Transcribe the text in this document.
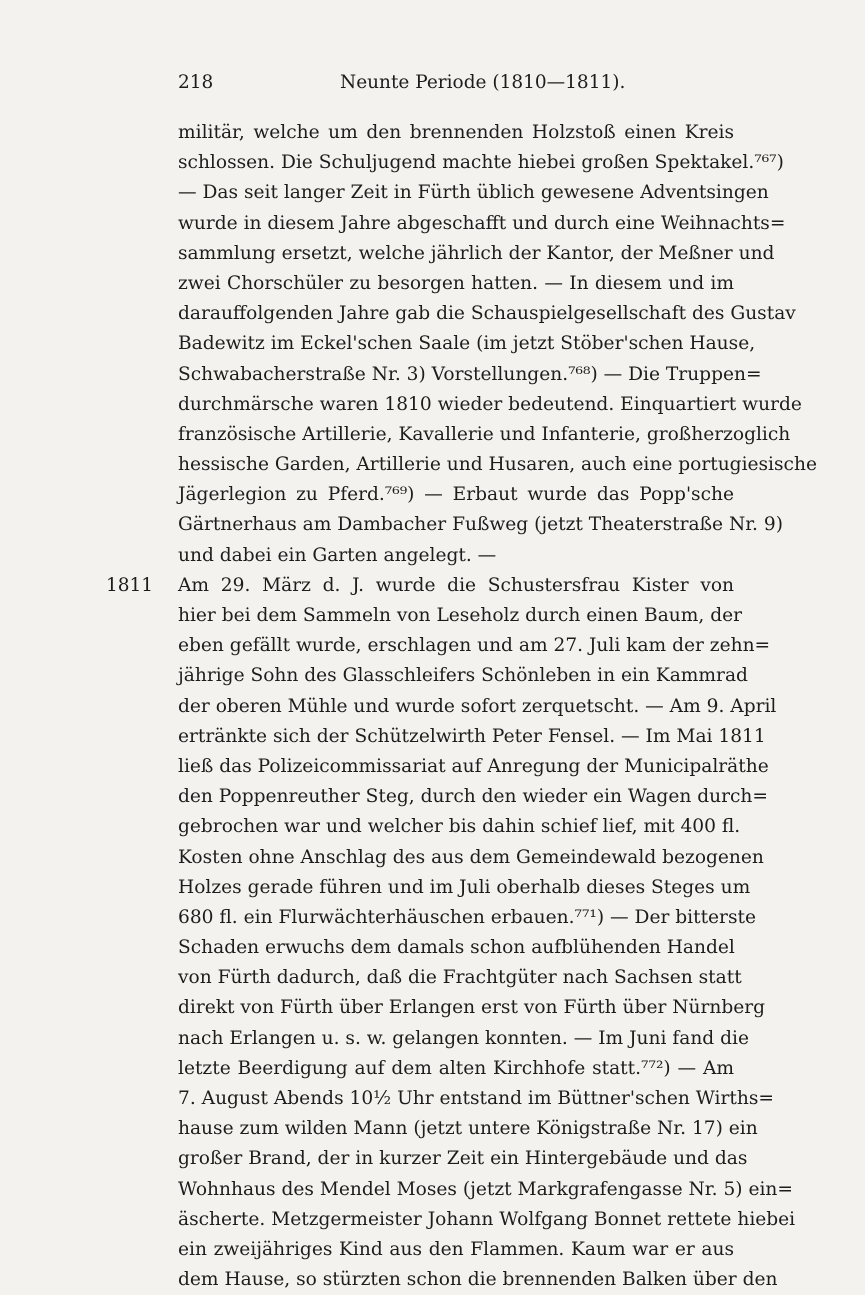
218	Neunte Periode (1810—1811).
militär, welche um den brennenden Holzstoß einen Kreis
schlossen. Die Schuljugend machte hiebei großen Spektakel.⁷⁶⁷)
— Das seit langer Zeit in Fürth üblich gewesene Adventsingen
wurde in diesem Jahre abgeschafft und durch eine Weihnachts=
sammlung ersetzt, welche jährlich der Kantor, der Meßner und
zwei Chorschüler zu besorgen hatten. — In diesem und im
darauffolgenden Jahre gab die Schauspielgesellschaft des Gustav
Badewitz im Eckel'schen Saale (im jetzt Stöber'schen Hause,
Schwabacherstraße Nr. 3) Vorstellungen.⁷⁶⁸) — Die Truppen=
durchmärsche waren 1810 wieder bedeutend. Einquartiert wurde
französische Artillerie, Kavallerie und Infanterie, großherzoglich
hessische Garden, Artillerie und Husaren, auch eine portugiesische
Jägerlegion zu Pferd.⁷⁶⁹) — Erbaut wurde das Popp'sche
Gärtnerhaus am Dambacher Fußweg (jetzt Theaterstraße Nr. 9)
und dabei ein Garten angelegt. —
1811 Am 29. März d. J. wurde die Schustersfrau Kister von
hier bei dem Sammeln von Leseholz durch einen Baum, der
eben gefällt wurde, erschlagen und am 27. Juli kam der zehn=
jährige Sohn des Glasschleifers Schönleben in ein Kammrad
der oberen Mühle und wurde sofort zerquetscht. — Am 9. April
ertränkte sich der Schützelwirth Peter Fensel. — Im Mai 1811
ließ das Polizeicommissariat auf Anregung der Municipalräthe
den Poppenreuther Steg, durch den wieder ein Wagen durch=
gebrochen war und welcher bis dahin schief lief, mit 400 fl.
Kosten ohne Anschlag des aus dem Gemeindewald bezogenen
Holzes gerade führen und im Juli oberhalb dieses Steges um
680 fl. ein Flurwächterhäuschen erbauen.⁷⁷¹) — Der bitterste
Schaden erwuchs dem damals schon aufblühenden Handel
von Fürth dadurch, daß die Frachtgüter nach Sachsen statt
direkt von Fürth über Erlangen erst von Fürth über Nürnberg
nach Erlangen u. s. w. gelangen konnten. — Im Juni fand die
letzte Beerdigung auf dem alten Kirchhofe statt.⁷⁷²) — Am
7. August Abends 10½ Uhr entstand im Büttner'schen Wirths=
hause zum wilden Mann (jetzt untere Königstraße Nr. 17) ein
großer Brand, der in kurzer Zeit ein Hintergebäude und das
Wohnhaus des Mendel Moses (jetzt Markgrafengasse Nr. 5) ein=
äscherte. Metzgermeister Johann Wolfgang Bonnet rettete hiebei
ein zweijähriges Kind aus den Flammen. Kaum war er aus
dem Hause, so stürzten schon die brennenden Balken über den
